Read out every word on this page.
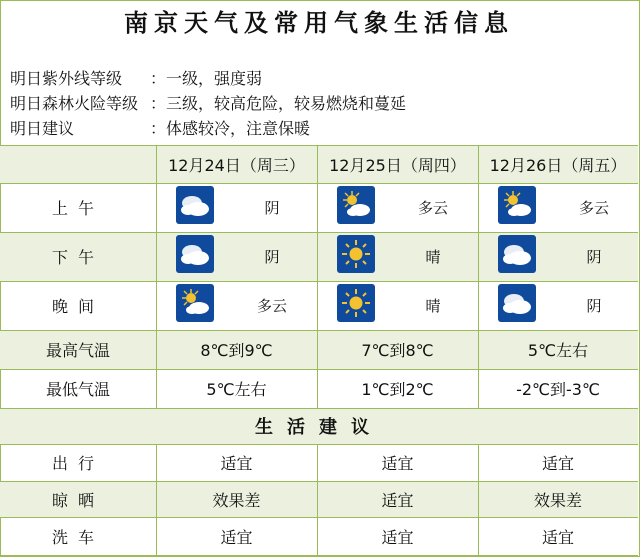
南京天气及常用气象生活信息
明日紫外线等级 ：一级，强度弱
明日森林火险等级 ：三级，较高危险，较易燃烧和蔓延
明日建议	：体感较冷，注意保暖
12月24日（周三） 12月25日（周四） 12月26日（周五）
上午	阴	多云	多云
下午	阴	晴	阴
晚间	多云	晴	阴
最高气温	8℃到9℃	7℃到8℃	5℃左右
最低气温	5℃左右	1℃到2℃	-2℃到-3℃
生活建议
出行	适宜	适宜	适宜
晾晒	效果差	适宜	效果差
洗车	适宜	适宜	适宜
